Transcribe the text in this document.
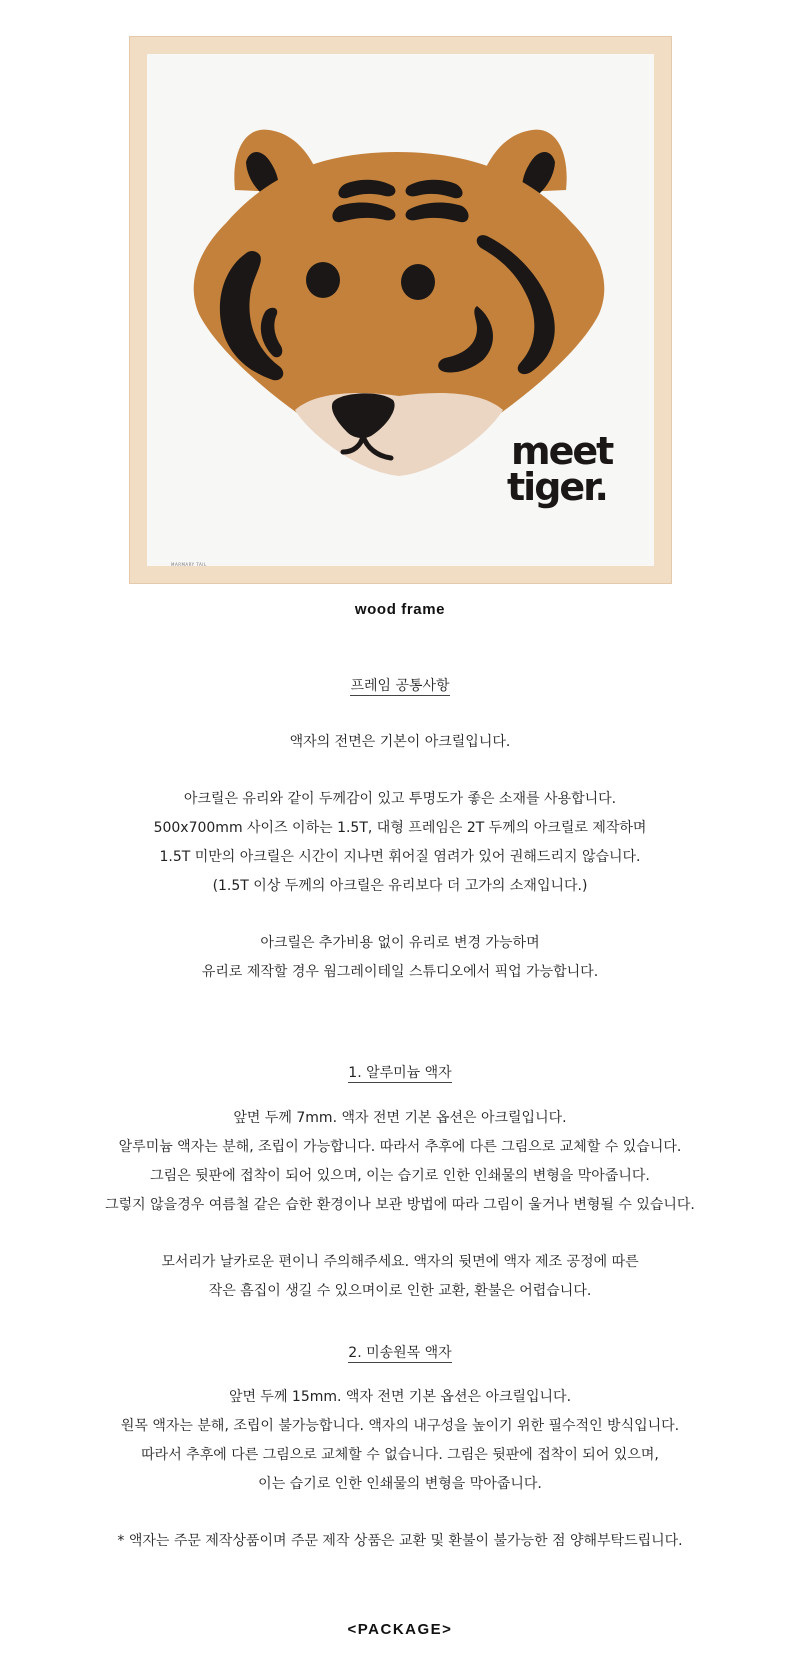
meet
tiger.
MARMARY TAIL
wood frame
프레임 공통사항

액자의 전면은 기본이 아크릴입니다.

아크릴은 유리와 같이 두께감이 있고 투명도가 좋은 소재를 사용합니다.

500x700mm 사이즈 이하는 1.5T, 대형 프레임은 2T 두께의 아크릴로 제작하며

1.5T 미만의 아크릴은 시간이 지나면 휘어질 염려가 있어 권해드리지 않습니다.

(1.5T 이상 두께의 아크릴은 유리보다 더 고가의 소재입니다.)

아크릴은 추가비용 없이 유리로 변경 가능하며

유리로 제작할 경우 웜그레이테일 스튜디오에서 픽업 가능합니다.

1. 알루미늄 액자

앞면 두께 7mm. 액자 전면 기본 옵션은 아크릴입니다.

알루미늄 액자는 분해, 조립이 가능합니다. 따라서 추후에 다른 그림으로 교체할 수 있습니다.

그림은 뒷판에 접착이 되어 있으며, 이는 습기로 인한 인쇄물의 변형을 막아줍니다.

그렇지 않을경우 여름철 같은 습한 환경이나 보관 방법에 따라 그림이 울거나 변형될 수 있습니다.

모서리가 날카로운 편이니 주의해주세요. 액자의 뒷면에 액자 제조 공정에 따른

작은 흠집이 생길 수 있으며이로 인한 교환, 환불은 어렵습니다.

2. 미송원목 액자

앞면 두께 15mm. 액자 전면 기본 옵션은 아크릴입니다.

원목 액자는 분해, 조립이 불가능합니다. 액자의 내구성을 높이기 위한 필수적인 방식입니다.

따라서 추후에 다른 그림으로 교체할 수 없습니다. 그림은 뒷판에 접착이 되어 있으며,

이는 습기로 인한 인쇄물의 변형을 막아줍니다.

* 액자는 주문 제작상품이며 주문 제작 상품은 교환 및 환불이 불가능한 점 양해부탁드립니다.

<PACKAGE>
